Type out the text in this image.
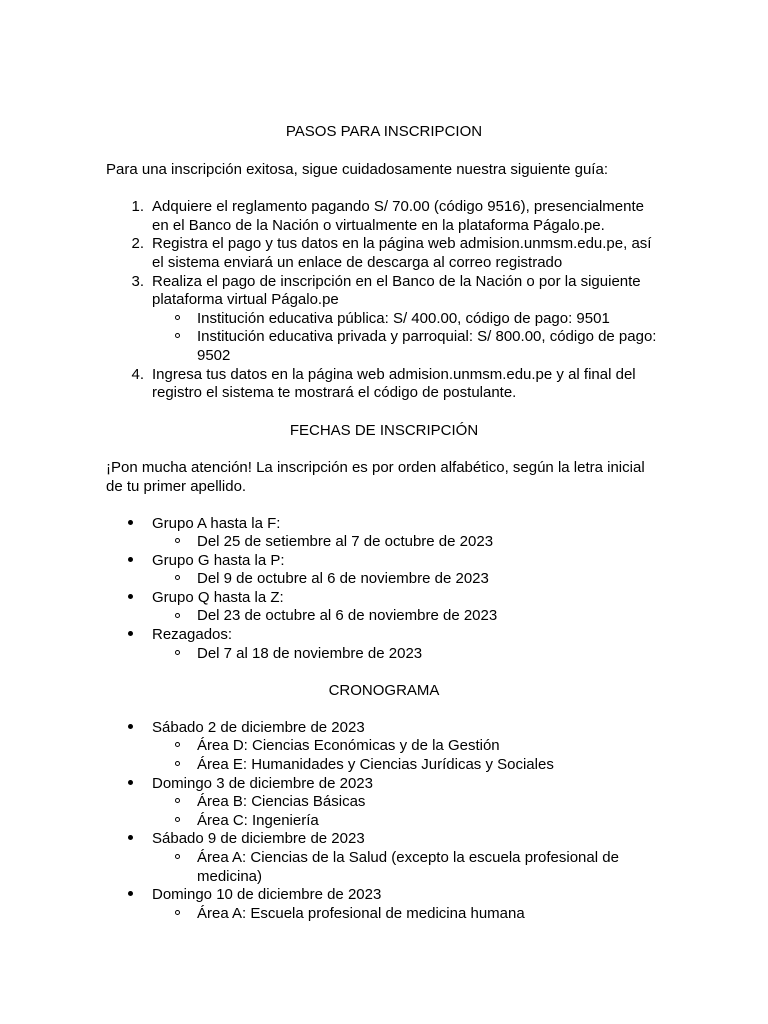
PASOS PARA INSCRIPCION

Para una inscripción exitosa, sigue cuidadosamente nuestra siguiente guía:

1. Adquiere el reglamento pagando S/ 70.00 (código 9516), presencialmente en el Banco de la Nación o virtualmente en la plataforma Págalo.pe.
2. Registra el pago y tus datos en la página web admision.unmsm.edu.pe, así el sistema enviará un enlace de descarga al correo registrado
3. Realiza el pago de inscripción en el Banco de la Nación o por la siguiente plataforma virtual Págalo.pe
Institución educativa pública: S/ 400.00, código de pago: 9501
Institución educativa privada y parroquial: S/ 800.00, código de pago: 9502
4. Ingresa tus datos en la página web admision.unmsm.edu.pe y al final del registro el sistema te mostrará el código de postulante.
FECHAS DE INSCRIPCIÓN

¡Pon mucha atención! La inscripción es por orden alfabético, según la letra inicial de tu primer apellido.

Grupo A hasta la F:
Del 25 de setiembre al 7 de octubre de 2023
Grupo G hasta la P:
Del 9 de octubre al 6 de noviembre de 2023
Grupo Q hasta la Z:
Del 23 de octubre al 6 de noviembre de 2023
Rezagados:
Del 7 al 18 de noviembre de 2023
CRONOGRAMA
Sábado 2 de diciembre de 2023
Área D: Ciencias Económicas y de la Gestión
Área E: Humanidades y Ciencias Jurídicas y Sociales
Domingo 3 de diciembre de 2023
Área B: Ciencias Básicas
Área C: Ingeniería
Sábado 9 de diciembre de 2023
Área A: Ciencias de la Salud (excepto la escuela profesional de medicina)
Domingo 10 de diciembre de 2023
Área A: Escuela profesional de medicina humana
